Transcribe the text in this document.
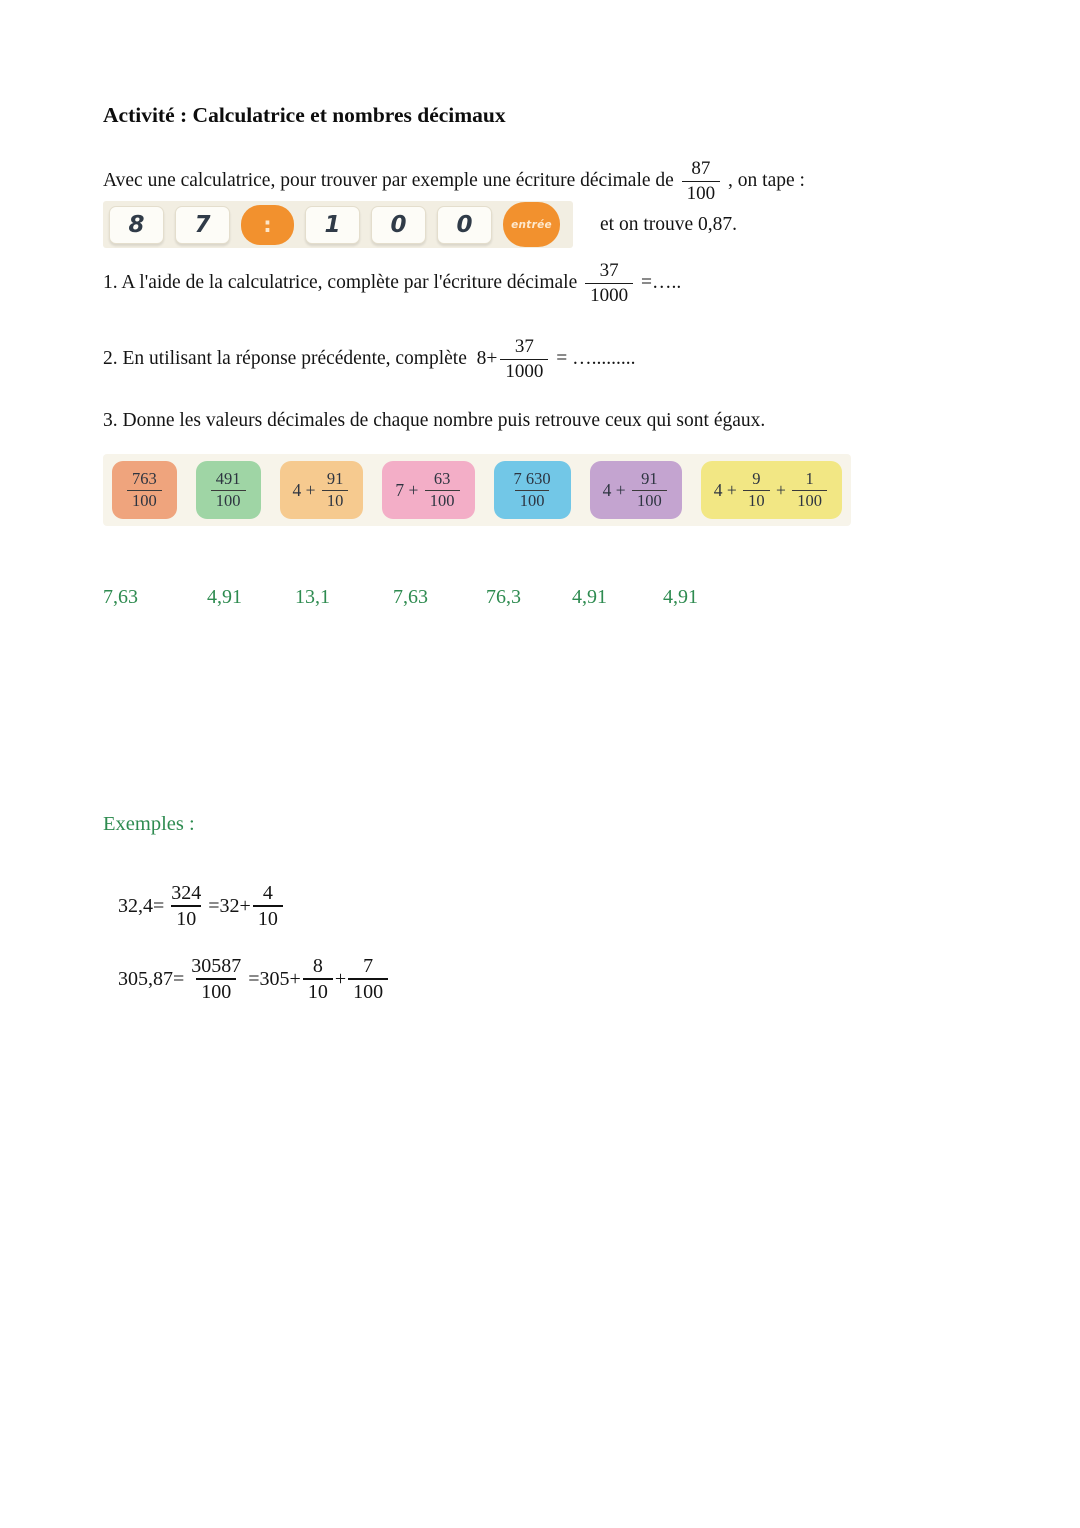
Activité : Calculatrice et nombres décimaux
Avec une calculatrice, pour trouver par exemple une écriture décimale de $\frac{87}{100}$ , on tape :
8	7	:	1	0	0	entrée	et on trouve 0,87.
1. A l'aide de la calculatrice, complète par l'écriture décimale $\frac{37}{1000}$ =…..
2. En utilisant la réponse précédente, complète  $8+ \frac{37}{1000}$ = ….........
3. Donne les valeurs décimales de chaque nombre puis retrouve ceux qui sont égaux.
$\frac{763}{100}$	$\frac{491}{100}$	$4 + \frac{91}{10}$	$7 + \frac{63}{100}$	$\frac{7 630}{100}$	$4 + \frac{91}{100}$	$4 + \frac{9}{10} + \frac{1}{100}$
7,63	4,91	13,1	7,63	76,3	4,91	4,91
Exemples :
$32,4= \frac{324}{10} =32+ \frac{4}{10}$
$305,87= \frac{30587}{100} =305+ \frac{8}{10} + \frac{7}{100}$
